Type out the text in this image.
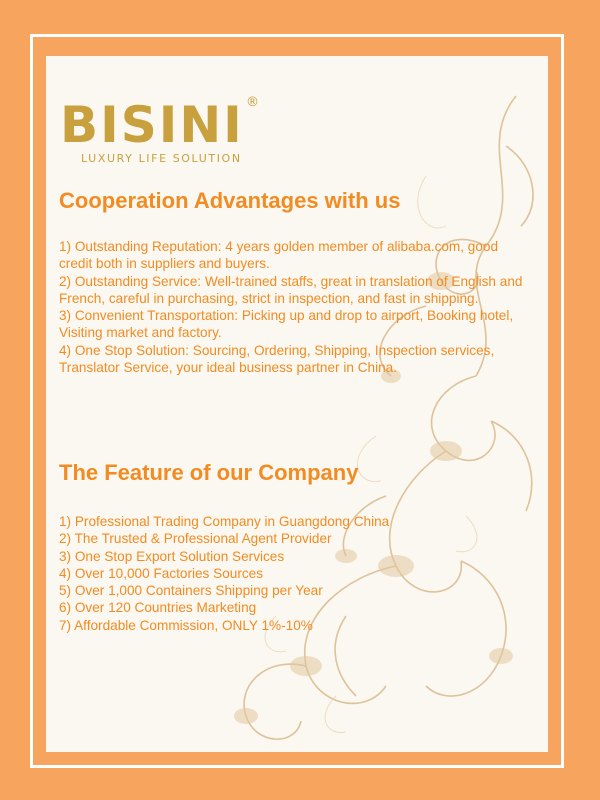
BISINI ®
LUXURY LIFE SOLUTION
Cooperation Advantages with us
1) Outstanding Reputation: 4 years golden member of alibaba.com, good credit both in suppliers and buyers.
2) Outstanding Service: Well-trained staffs, great in translation of English and French, careful in purchasing, strict in inspection, and fast in shipping.
3) Convenient Transportation: Picking up and drop to airport, Booking hotel, Visiting market and factory.
4) One Stop Solution: Sourcing, Ordering, Shipping, Inspection services, Translator Service, your ideal business partner in China.
The Feature of our Company
1) Professional Trading Company in Guangdong China
2) The Trusted & Professional Agent Provider
3) One Stop Export Solution Services
4) Over 10,000 Factories Sources
5) Over 1,000 Containers Shipping per Year
6) Over 120 Countries Marketing
7) Affordable Commission, ONLY 1%-10%
